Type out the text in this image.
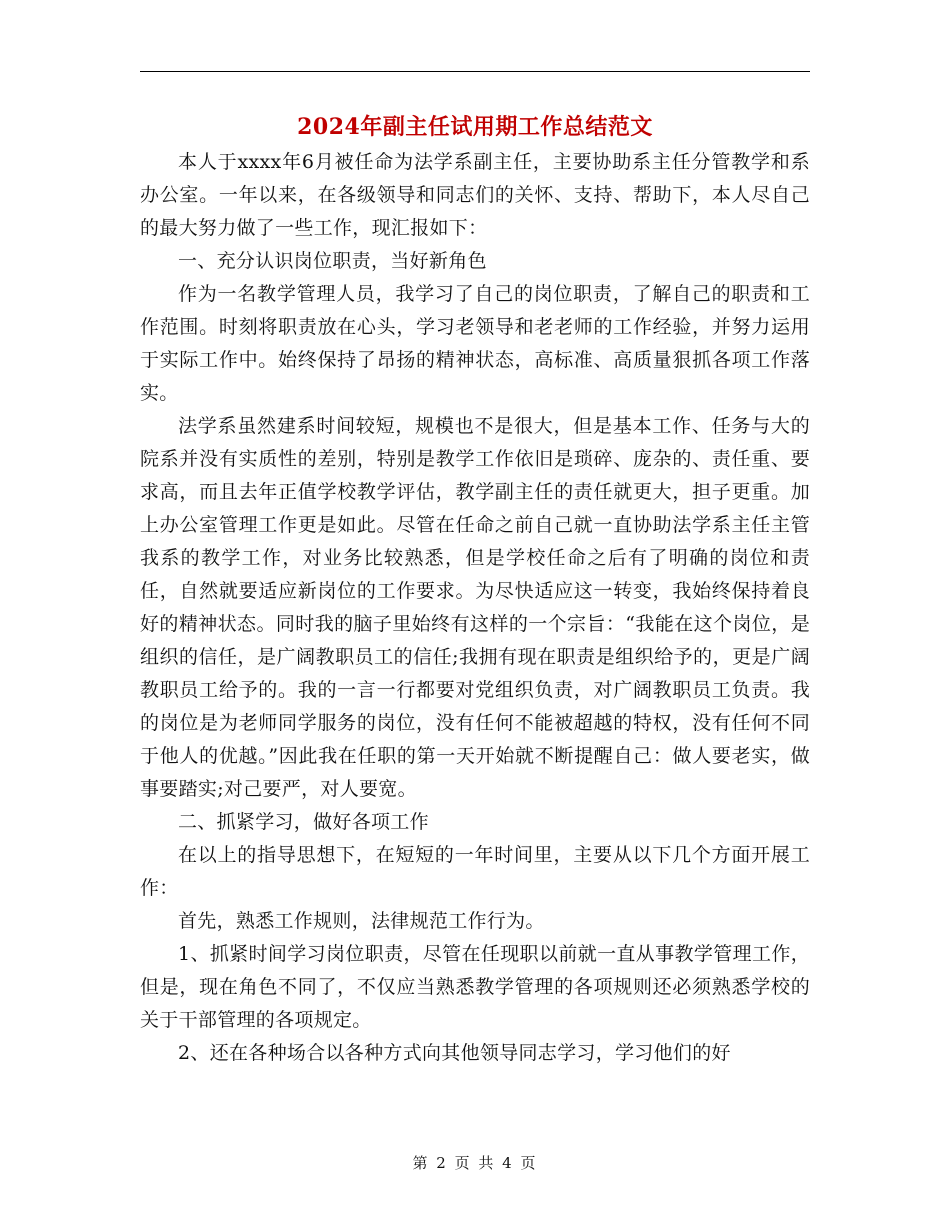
2024年副主任试用期工作总结范文

本人于xxxx年6月被任命为法学系副主任，主要协助系主任分管教学和系办公室。一年以来，在各级领导和同志们的关怀、支持、帮助下，本人尽自己的最大努力做了一些工作，现汇报如下：

一、充分认识岗位职责，当好新角色

作为一名教学管理人员，我学习了自己的岗位职责，了解自己的职责和工作范围。时刻将职责放在心头，学习老领导和老老师的工作经验，并努力运用于实际工作中。始终保持了昂扬的精神状态，高标准、高质量狠抓各项工作落实。

法学系虽然建系时间较短，规模也不是很大，但是基本工作、任务与大的院系并没有实质性的差别，特别是教学工作依旧是琐碎、庞杂的、责任重、要求高，而且去年正值学校教学评估，教学副主任的责任就更大，担子更重。加上办公室管理工作更是如此。尽管在任命之前自己就一直协助法学系主任主管我系的教学工作，对业务比较熟悉，但是学校任命之后有了明确的岗位和责任，自然就要适应新岗位的工作要求。为尽快适应这一转变，我始终保持着良好的精神状态。同时我的脑子里始终有这样的一个宗旨：“我能在这个岗位，是组织的信任，是广阔教职员工的信任;我拥有现在职责是组织给予的，更是广阔教职员工给予的。我的一言一行都要对党组织负责，对广阔教职员工负责。我的岗位是为老师同学服务的岗位，没有任何不能被超越的特权，没有任何不同于他人的优越。”因此我在任职的第一天开始就不断提醒自己：做人要老实，做事要踏实;对己要严，对人要宽。

二、抓紧学习，做好各项工作

在以上的指导思想下，在短短的一年时间里，主要从以下几个方面开展工作：

首先，熟悉工作规则，法律规范工作行为。

1、抓紧时间学习岗位职责，尽管在任现职以前就一直从事教学管理工作，但是，现在角色不同了，不仅应当熟悉教学管理的各项规则还必须熟悉学校的关于干部管理的各项规定。

2、还在各种场合以各种方式向其他领导同志学习，学习他们的好

第 2 页 共 4 页
